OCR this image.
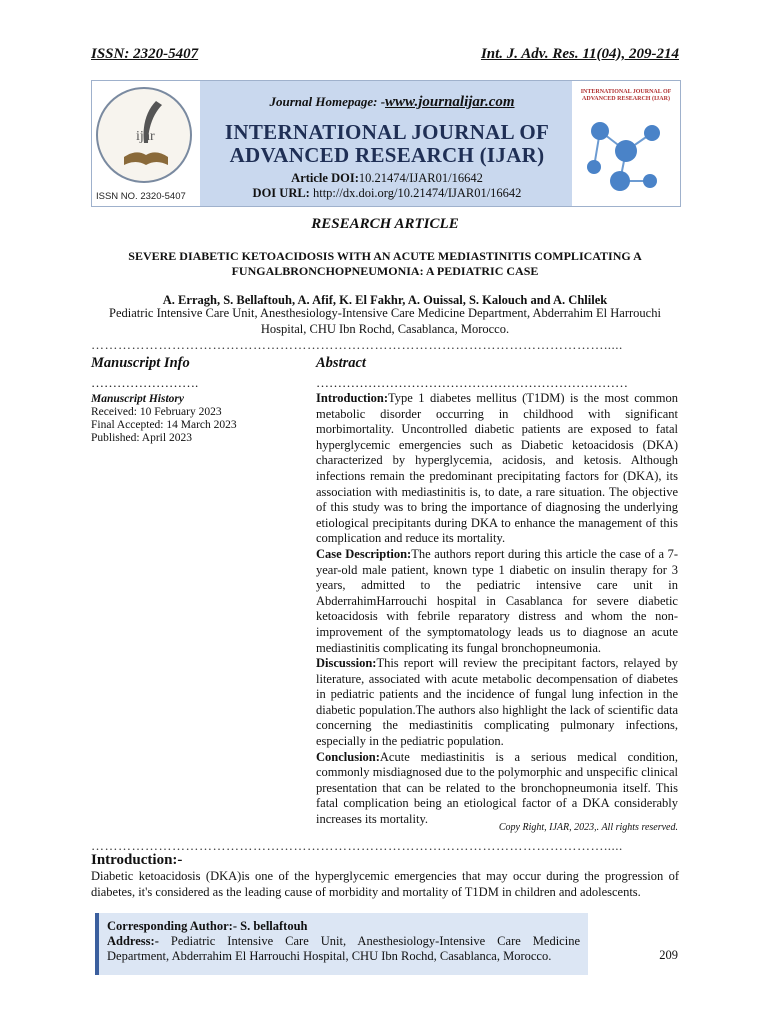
ISSN: 2320-5407	Int. J. Adv. Res. 11(04), 209-214
ijar
ISSN NO. 2320-5407
Journal Homepage: -www.journalijar.com
INTERNATIONAL JOURNAL OF
ADVANCED RESEARCH (IJAR)
Article DOI:10.21474/IJAR01/16642
DOI URL: http://dx.doi.org/10.21474/IJAR01/16642
INTERNATIONAL JOURNAL OF ADVANCED RESEARCH (IJAR)
RESEARCH ARTICLE
SEVERE DIABETIC KETOACIDOSIS WITH AN ACUTE MEDIASTINITIS COMPLICATING A
FUNGALBRONCHOPNEUMONIA: A PEDIATRIC CASE
A. Erragh, S. Bellaftouh, A. Afif, K. El Fakhr, A. Ouissal, S. Kalouch and A. Chlilek
Pediatric Intensive Care Unit, Anesthesiology-Intensive Care Medicine Department, Abderrahim El Harrouchi
Hospital, CHU Ibn Rochd, Casablanca, Morocco.
…………………………………………………………………………………………………….....
Manuscript Info
…………………….
Manuscript History
Received: 10 February 2023
Final Accepted: 14 March 2023
Published: April 2023
Abstract
………………………………………………………………
Introduction:Type 1 diabetes mellitus (T1DM) is the most common metabolic disorder occurring in childhood with significant morbimortality. Uncontrolled diabetic patients are exposed to fatal hyperglycemic emergencies such as Diabetic ketoacidosis (DKA) characterized by hyperglycemia, acidosis, and ketosis. Although infections remain the predominant precipitating factors for (DKA), its association with mediastinitis is, to date, a rare situation. The objective of this study was to bring the importance of diagnosing the underlying etiological precipitants during DKA to enhance the management of this complication and reduce its mortality.
Case Description:The authors report during this article the case of a 7-year-old male patient, known type 1 diabetic on insulin therapy for 3 years, admitted to the pediatric intensive care unit in AbderrahimHarrouchi hospital in Casablanca for severe diabetic ketoacidosis with febrile reparatory distress and whom the non-improvement of the symptomatology leads us to diagnose an acute mediastinitis complicating its fungal bronchopneumonia.
Discussion:This report will review the precipitant factors, relayed by literature, associated with acute metabolic decompensation of diabetes in pediatric patients and the incidence of fungal lung infection in the diabetic population.The authors also highlight the lack of scientific data concerning the mediastinitis complicating pulmonary infections, especially in the pediatric population.
Conclusion:Acute mediastinitis is a serious medical condition, commonly misdiagnosed due to the polymorphic and unspecific clinical presentation that can be related to the bronchopneumonia itself. This fatal complication being an etiological factor of a DKA considerably increases its mortality.
Copy Right, IJAR, 2023,. All rights reserved.
…………………………………………………………………………………………………….....
Introduction:-
Diabetic ketoacidosis (DKA)is one of the hyperglycemic emergencies that may occur during the progression of diabetes, it's considered as the leading cause of morbidity and mortality of T1DM in children and adolescents.
Corresponding Author:- S. bellaftouh
Address:- Pediatric Intensive Care Unit, Anesthesiology-Intensive Care Medicine Department, Abderrahim El Harrouchi Hospital, CHU Ibn Rochd, Casablanca, Morocco.	209
